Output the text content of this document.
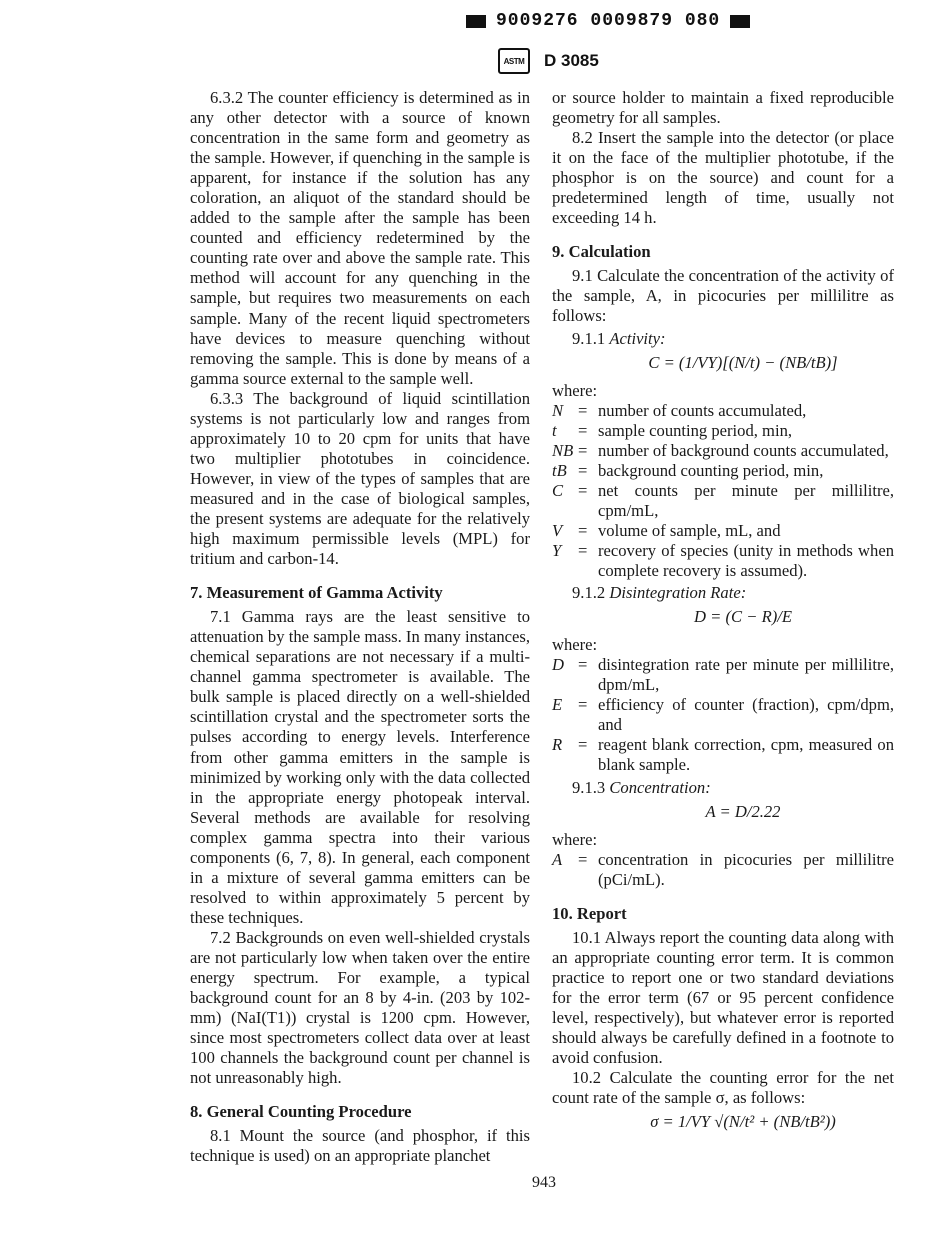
9009276 0009879 080
ASTM D 3085

6.3.2 The counter efficiency is determined as in any other detector with a source of known concentration in the same form and geometry as the sample. However, if quenching in the sample is apparent, for instance if the solution has any coloration, an aliquot of the standard should be added to the sample after the sample has been counted and efficiency redetermined by the counting rate over and above the sample rate. This method will account for any quenching in the sample, but requires two measurements on each sample. Many of the recent liquid spectrometers have devices to measure quenching without removing the sample. This is done by means of a gamma source external to the sample well.

6.3.3 The background of liquid scintillation systems is not particularly low and ranges from approximately 10 to 20 cpm for units that have two multiplier phototubes in coincidence. However, in view of the types of samples that are measured and in the case of biological samples, the present systems are adequate for the relatively high maximum permissible levels (MPL) for tritium and carbon-14.

7. Measurement of Gamma Activity

7.1 Gamma rays are the least sensitive to attenuation by the sample mass. In many instances, chemical separations are not necessary if a multi-channel gamma spectrometer is available. The bulk sample is placed directly on a well-shielded scintillation crystal and the spectrometer sorts the pulses according to energy levels. Interference from other gamma emitters in the sample is minimized by working only with the data collected in the appropriate energy photopeak interval. Several methods are available for resolving complex gamma spectra into their various components (6, 7, 8). In general, each component in a mixture of several gamma emitters can be resolved to within approximately 5 percent by these techniques.

7.2 Backgrounds on even well-shielded crystals are not particularly low when taken over the entire energy spectrum. For example, a typical background count for an 8 by 4-in. (203 by 102-mm) (NaI(T1)) crystal is 1200 cpm. However, since most spectrometers collect data over at least 100 channels the background count per channel is not unreasonably high.

8. General Counting Procedure

8.1 Mount the source (and phosphor, if this technique is used) on an appropriate planchet

or source holder to maintain a fixed reproducible geometry for all samples.

8.2 Insert the sample into the detector (or place it on the face of the multiplier phototube, if the phosphor is on the source) and count for a predetermined length of time, usually not exceeding 14 h.

9. Calculation

9.1 Calculate the concentration of the activity of the sample, A, in picocuries per millilitre as follows:

9.1.1 Activity:

C = (1/VY)[(N/t) − (NB/tB)]
where:
N = number of counts accumulated,
t	= sample counting period, min,
NB = number of background counts accumulated,
tB = background counting period, min,
C = net counts per minute per millilitre, cpm/mL,
V = volume of sample, mL, and
Y	= recovery of species (unity in methods when complete recovery is assumed).

9.1.2 Disintegration Rate:

D = (C − R)/E
where:
D = disintegration rate per minute per millilitre, dpm/mL,
E = efficiency of counter (fraction), cpm/dpm, and
R = reagent blank correction, cpm, measured on blank sample.

9.1.3 Concentration:

A = D/2.22
where:
A = concentration in picocuries per millilitre (pCi/mL).
10. Report

10.1 Always report the counting data along with an appropriate counting error term. It is common practice to report one or two standard deviations for the error term (67 or 95 percent confidence level, respectively), but whatever error is reported should always be carefully defined in a footnote to avoid confusion.

10.2 Calculate the counting error for the net count rate of the sample σ, as follows:

σ = 1/VY √(N/t² + (NB/tB²))
943
